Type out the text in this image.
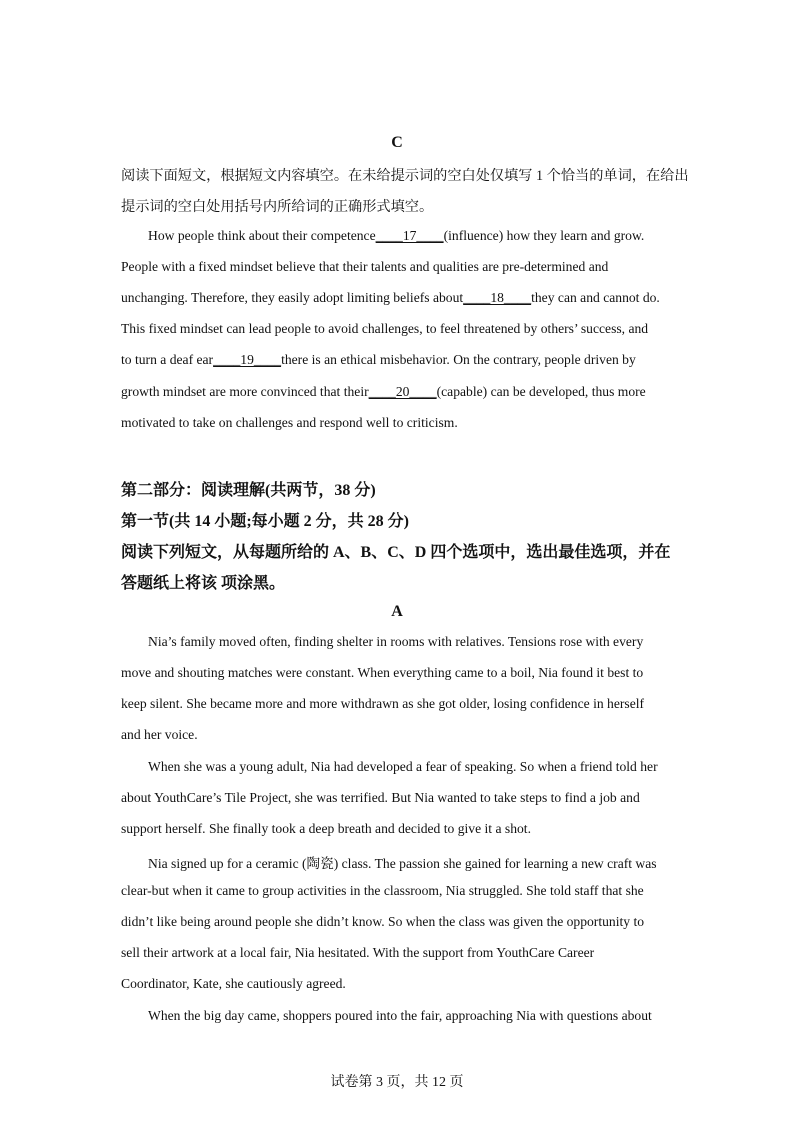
C
阅读下面短文，根据短文内容填空。在未给提示词的空白处仅填写 1 个恰当的单词，在给出
提示词的空白处用括号内所给词的正确形式填空。
How people think about their competence____17____(influence) how they learn and grow.
People with a fixed mindset believe that their talents and qualities are pre-determined and
unchanging. Therefore, they easily adopt limiting beliefs about____18____they can and cannot do.
This fixed mindset can lead people to avoid challenges, to feel threatened by others’ success, and
to turn a deaf ear____19____there is an ethical misbehavior. On the contrary, people driven by
growth mindset are more convinced that their____20____(capable) can be developed, thus more
motivated to take on challenges and respond well to criticism.
第二部分：阅读理解(共两节，38 分)
第一节(共 14 小题;每小题 2 分，共 28 分)
阅读下列短文，从每题所给的 A、B、C、D 四个选项中，选出最佳选项，并在
答题纸上将该 项涂黑。
A
Nia’s family moved often, finding shelter in rooms with relatives. Tensions rose with every
move and shouting matches were constant. When everything came to a boil, Nia found it best to
keep silent. She became more and more withdrawn as she got older, losing confidence in herself
and her voice.
When she was a young adult, Nia had developed a fear of speaking. So when a friend told her
about YouthCare’s Tile Project, she was terrified. But Nia wanted to take steps to find a job and
support herself. She finally took a deep breath and decided to give it a shot.
Nia signed up for a ceramic (陶瓷) class. The passion she gained for learning a new craft was
clear-but when it came to group activities in the classroom, Nia struggled. She told staff that she
didn’t like being around people she didn’t know. So when the class was given the opportunity to
sell their artwork at a local fair, Nia hesitated. With the support from YouthCare Career
Coordinator, Kate, she cautiously agreed.
When the big day came, shoppers poured into the fair, approaching Nia with questions about
试卷第 3 页，共 12 页
